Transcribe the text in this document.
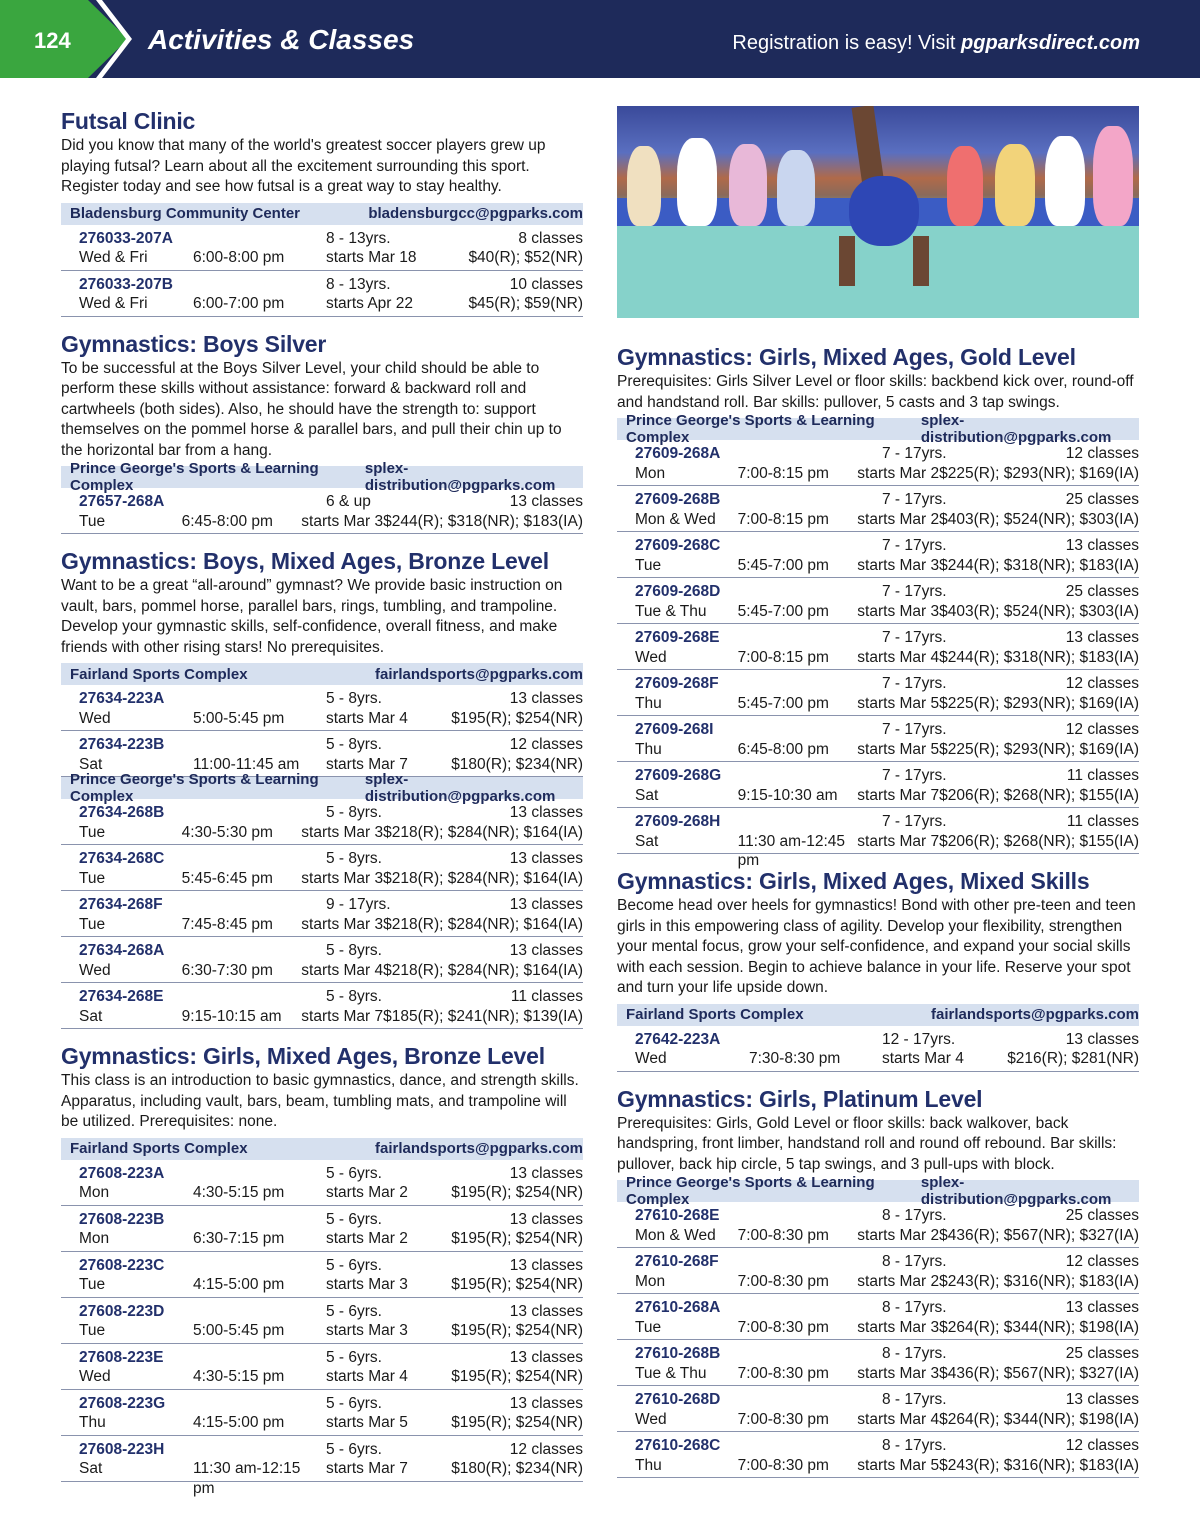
124	Activities & Classes	Registration is easy! Visit pgparksdirect.com
Futsal Clinic

Did you know that many of the world's greatest soccer players grew up playing futsal? Learn about all the excitement surrounding this sport. Register today and see how futsal is a great way to stay healthy.

Bladensburg Community Center	bladensburgcc@pgparks.com
276033-207A	8 - 13yrs.	8 classes
Wed & Fri	6:00-8:00 pm	starts Mar 18	$40(R); $52(NR)
276033-207B	8 - 13yrs.	10 classes
Wed & Fri	6:00-7:00 pm	starts Apr 22	$45(R); $59(NR)
Gymnastics: Boys Silver

To be successful at the Boys Silver Level, your child should be able to perform these skills without assistance: forward & backward roll and cartwheels (both sides). Also, he should have the strength to: support themselves on the pommel horse & parallel bars, and pull their chin up to the horizontal bar from a hang.

Prince George's Sports & Learning Complex
splex-distribution@pgparks.com
27657-268A	6 & up	13 classes
Tue	6:45-8:00 pm	starts Mar 3 $244(R); $318(NR); $183(IA)
Gymnastics: Boys, Mixed Ages, Bronze Level

Want to be a great “all-around” gymnast? We provide basic instruction on vault, bars, pommel horse, parallel bars, rings, tumbling, and trampoline. Develop your gymnastic skills, self-confidence, overall fitness, and make friends with other rising stars! No prerequisites.

Fairland Sports Complex	fairlandsports@pgparks.com
27634-223A	5 - 8yrs.	13 classes
Wed	5:00-5:45 pm	starts Mar 4	$195(R); $254(NR)
27634-223B	5 - 8yrs.	12 classes
Sat	11:00-11:45 am	starts Mar 7	$180(R); $234(NR)
Prince George's Sports & Learning Complex
splex-distribution@pgparks.com
27634-268B	5 - 8yrs.	13 classes
Tue	4:30-5:30 pm	starts Mar 3 $218(R); $284(NR); $164(IA)
27634-268C	5 - 8yrs.	13 classes
Tue	5:45-6:45 pm	starts Mar 3 $218(R); $284(NR); $164(IA)
27634-268F	9 - 17yrs.	13 classes
Tue	7:45-8:45 pm	starts Mar 3 $218(R); $284(NR); $164(IA)
27634-268A	5 - 8yrs.	13 classes
Wed	6:30-7:30 pm	starts Mar 4 $218(R); $284(NR); $164(IA)
27634-268E	5 - 8yrs.	11 classes
Sat	9:15-10:15 am	starts Mar 7 $185(R); $241(NR); $139(IA)
Gymnastics: Girls, Mixed Ages, Bronze Level

This class is an introduction to basic gymnastics, dance, and strength skills. Apparatus, including vault, bars, beam, tumbling mats, and trampoline will be utilized. Prerequisites: none.

Fairland Sports Complex	fairlandsports@pgparks.com
27608-223A	5 - 6yrs.	13 classes
Mon	4:30-5:15 pm	starts Mar 2	$195(R); $254(NR)
27608-223B	5 - 6yrs.	13 classes
Mon	6:30-7:15 pm	starts Mar 2	$195(R); $254(NR)
27608-223C	5 - 6yrs.	13 classes
Tue	4:15-5:00 pm	starts Mar 3	$195(R); $254(NR)
27608-223D	5 - 6yrs.	13 classes
Tue	5:00-5:45 pm	starts Mar 3	$195(R); $254(NR)
27608-223E	5 - 6yrs.	13 classes
Wed	4:30-5:15 pm	starts Mar 4	$195(R); $254(NR)
27608-223G	5 - 6yrs.	13 classes
Thu	4:15-5:00 pm	starts Mar 5	$195(R); $254(NR)
27608-223H	5 - 6yrs.	12 classes
Sat	11:30 am-12:15 pm
starts Mar 7	$180(R); $234(NR)
Gymnastics: Girls, Mixed Ages, Gold Level

Prerequisites: Girls Silver Level or floor skills: backbend kick over, round-off and handstand roll. Bar skills: pullover, 5 casts and 3 tap swings.

Prince George's Sports & Learning Complex
splex-distribution@pgparks.com
27609-268A	7 - 17yrs.	12 classes
Mon	7:00-8:15 pm	starts Mar 2 $225(R); $293(NR); $169(IA)
27609-268B	7 - 17yrs.	25 classes
Mon & Wed	7:00-8:15 pm	starts Mar 2 $403(R); $524(NR); $303(IA)
27609-268C	7 - 17yrs.	13 classes
Tue	5:45-7:00 pm	starts Mar 3 $244(R); $318(NR); $183(IA)
27609-268D	7 - 17yrs.	25 classes
Tue & Thu	5:45-7:00 pm	starts Mar 3 $403(R); $524(NR); $303(IA)
27609-268E	7 - 17yrs.	13 classes
Wed	7:00-8:15 pm	starts Mar 4 $244(R); $318(NR); $183(IA)
27609-268F	7 - 17yrs.	12 classes
Thu	5:45-7:00 pm	starts Mar 5 $225(R); $293(NR); $169(IA)
27609-268I	7 - 17yrs.	12 classes
Thu	6:45-8:00 pm	starts Mar 5 $225(R); $293(NR); $169(IA)
27609-268G	7 - 17yrs.	11 classes
Sat	9:15-10:30 am	starts Mar 7 $206(R); $268(NR); $155(IA)
27609-268H	7 - 17yrs.	11 classes
Sat	11:30 am-12:45 pm
starts Mar 7 $206(R); $268(NR); $155(IA)
Gymnastics: Girls, Mixed Ages, Mixed Skills

Become head over heels for gymnastics! Bond with other pre-teen and teen girls in this empowering class of agility. Develop your flexibility, strengthen your mental focus, grow your self-confidence, and expand your social skills with each session. Begin to achieve balance in your life. Reserve your spot and turn your life upside down.

Fairland Sports Complex	fairlandsports@pgparks.com
27642-223A	12 - 17yrs.	13 classes
Wed	7:30-8:30 pm	starts Mar 4	$216(R); $281(NR)
Gymnastics: Girls, Platinum Level

Prerequisites: Girls, Gold Level or floor skills: back walkover, back handspring, front limber, handstand roll and round off rebound. Bar skills: pullover, back hip circle, 5 tap swings, and 3 pull-ups with block.

Prince George's Sports & Learning Complex
splex-distribution@pgparks.com
27610-268E	8 - 17yrs.	25 classes
Mon & Wed	7:00-8:30 pm	starts Mar 2 $436(R); $567(NR); $327(IA)
27610-268F	8 - 17yrs.	12 classes
Mon	7:00-8:30 pm	starts Mar 2 $243(R); $316(NR); $183(IA)
27610-268A	8 - 17yrs.	13 classes
Tue	7:00-8:30 pm	starts Mar 3 $264(R); $344(NR); $198(IA)
27610-268B	8 - 17yrs.	25 classes
Tue & Thu	7:00-8:30 pm	starts Mar 3 $436(R); $567(NR); $327(IA)
27610-268D	8 - 17yrs.	13 classes
Wed	7:00-8:30 pm	starts Mar 4 $264(R); $344(NR); $198(IA)
27610-268C	8 - 17yrs.	12 classes
Thu	7:00-8:30 pm	starts Mar 5 $243(R); $316(NR); $183(IA)
